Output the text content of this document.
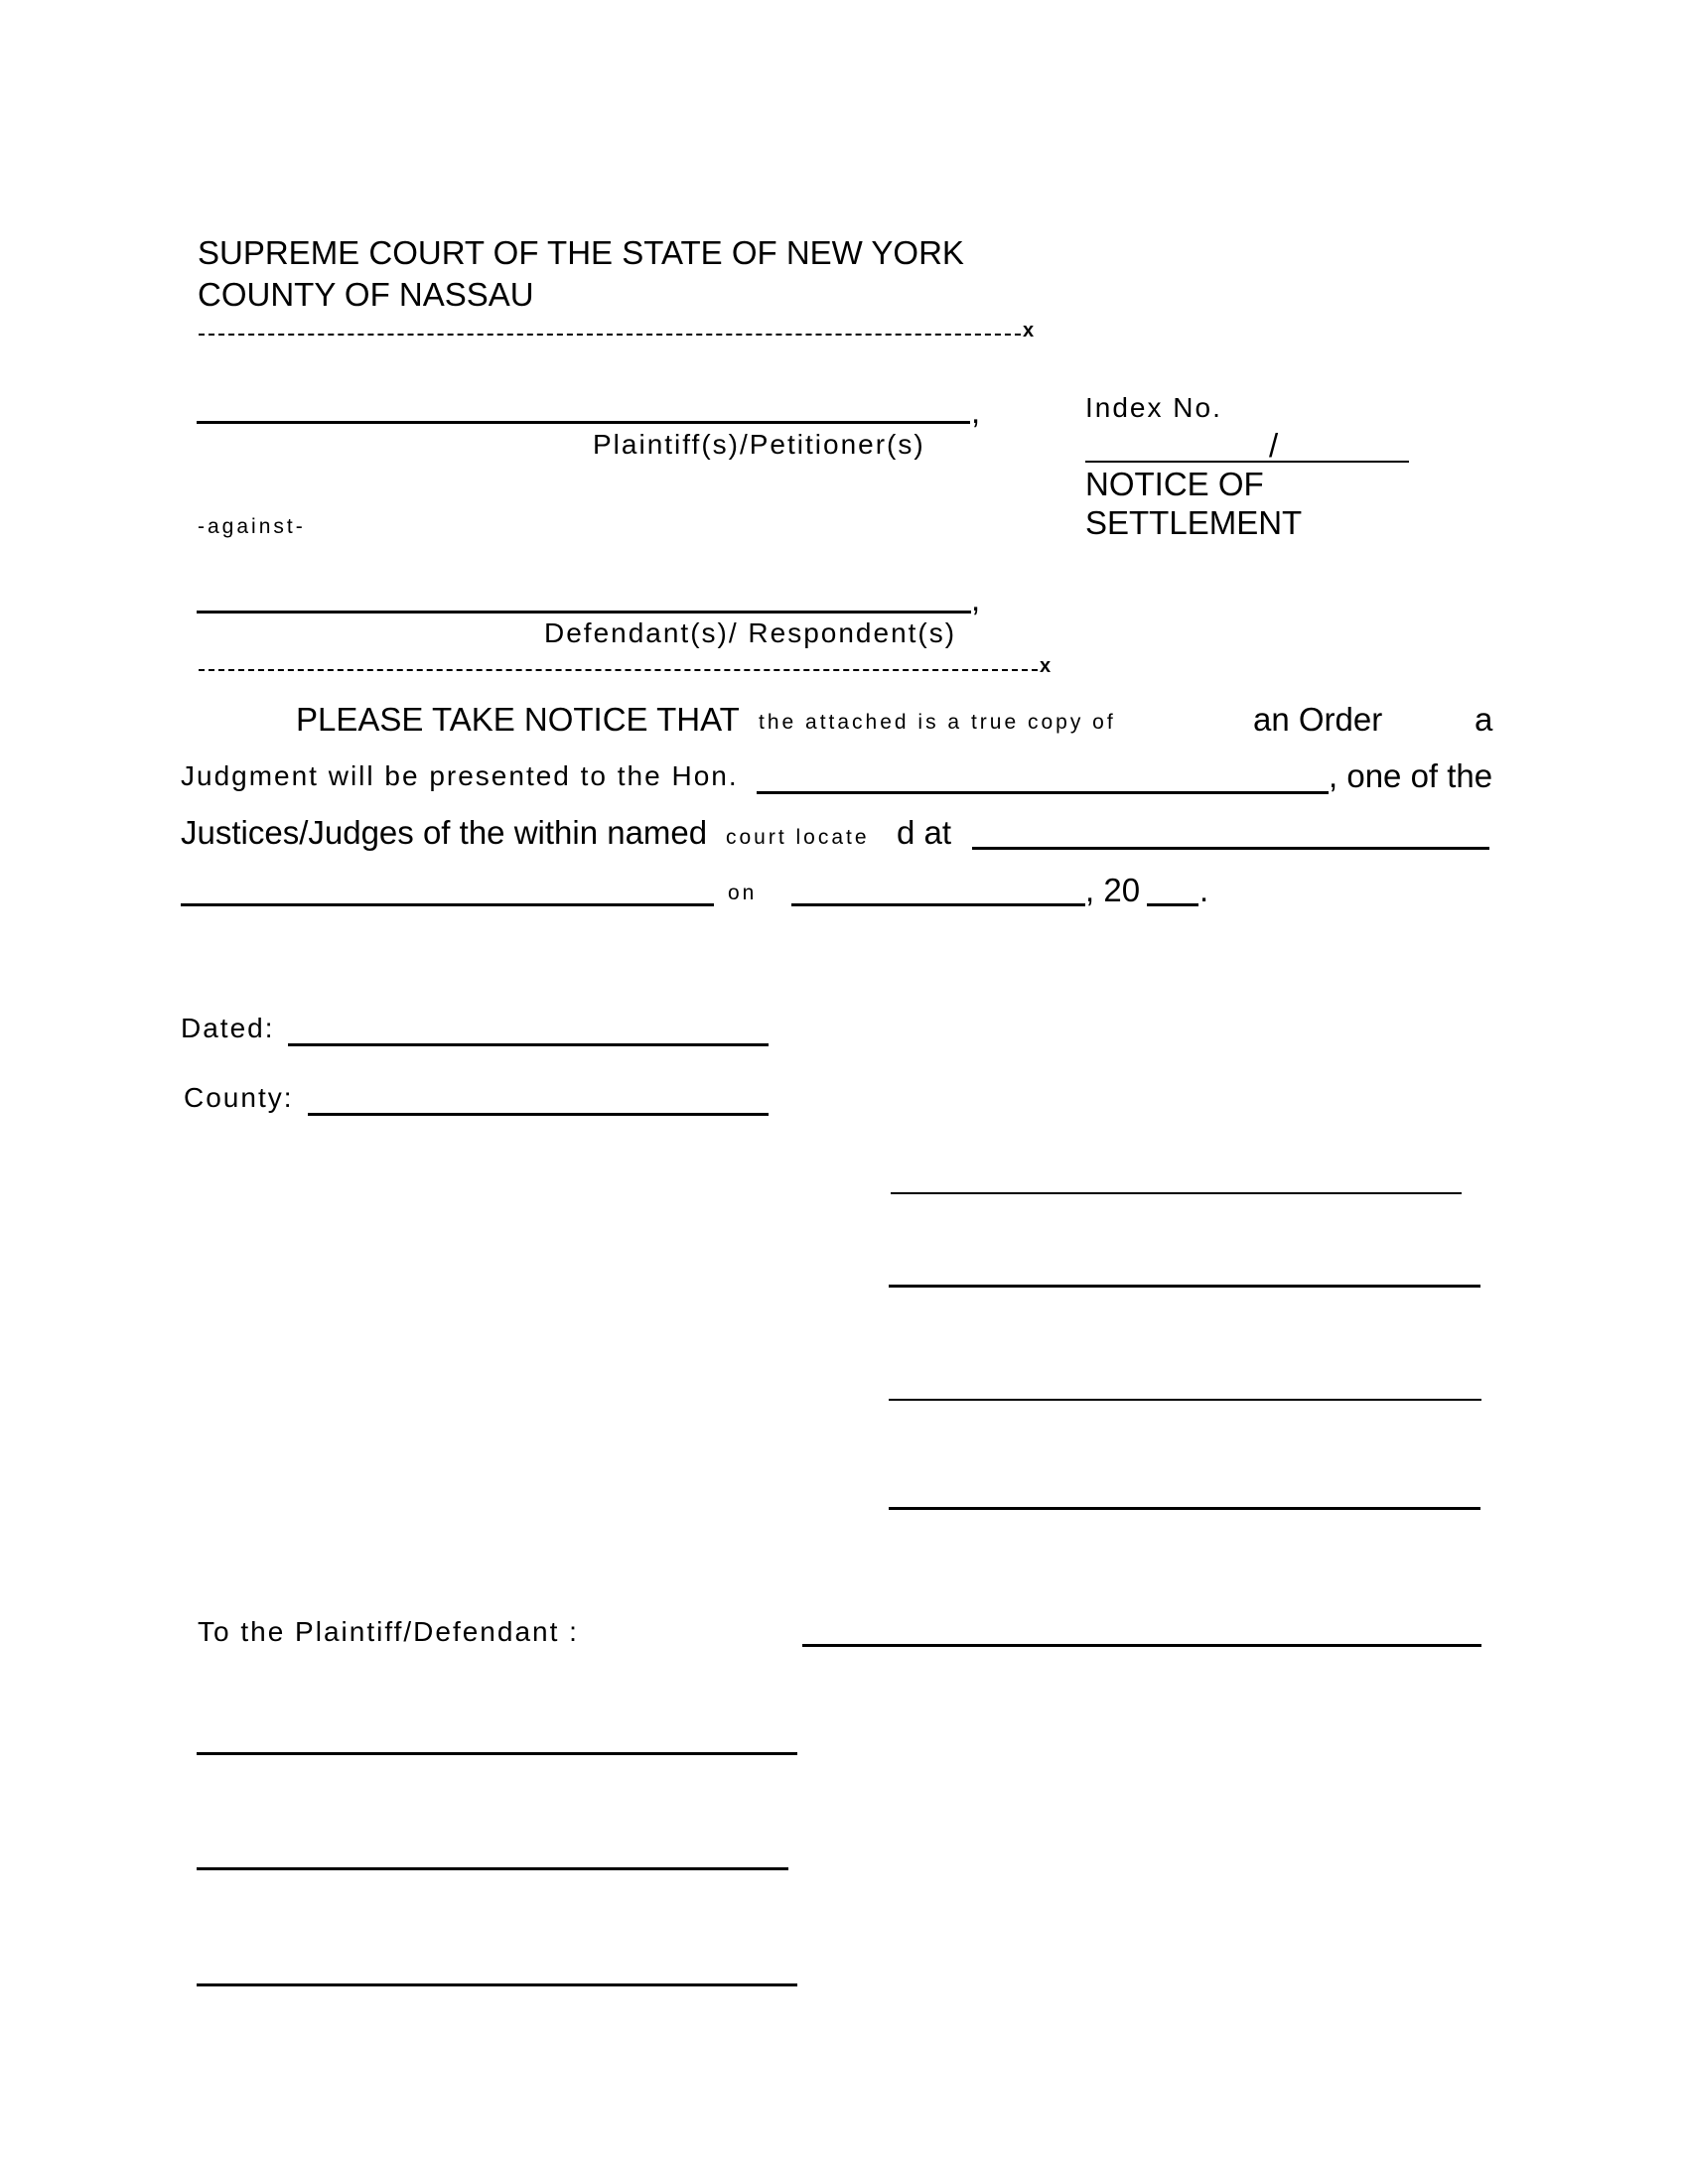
SUPREME COURT OF THE STATE OF NEW YORK
COUNTY OF NASSAU
x
,
Plaintiff(s)/Petitioner(s)
-against-
,
Defendant(s)/ Respondent(s)
x
Index No.
/
NOTICE OF
SETTLEMENT
PLEASE TAKE NOTICE THAT the attached is a true copy of	an Order	a
Judgment will be presented to the Hon.	, one of the
Justices/Judges of the within named court locate d at
on	, 20 .
Dated:
County:
To the Plaintiff/Defendant :
